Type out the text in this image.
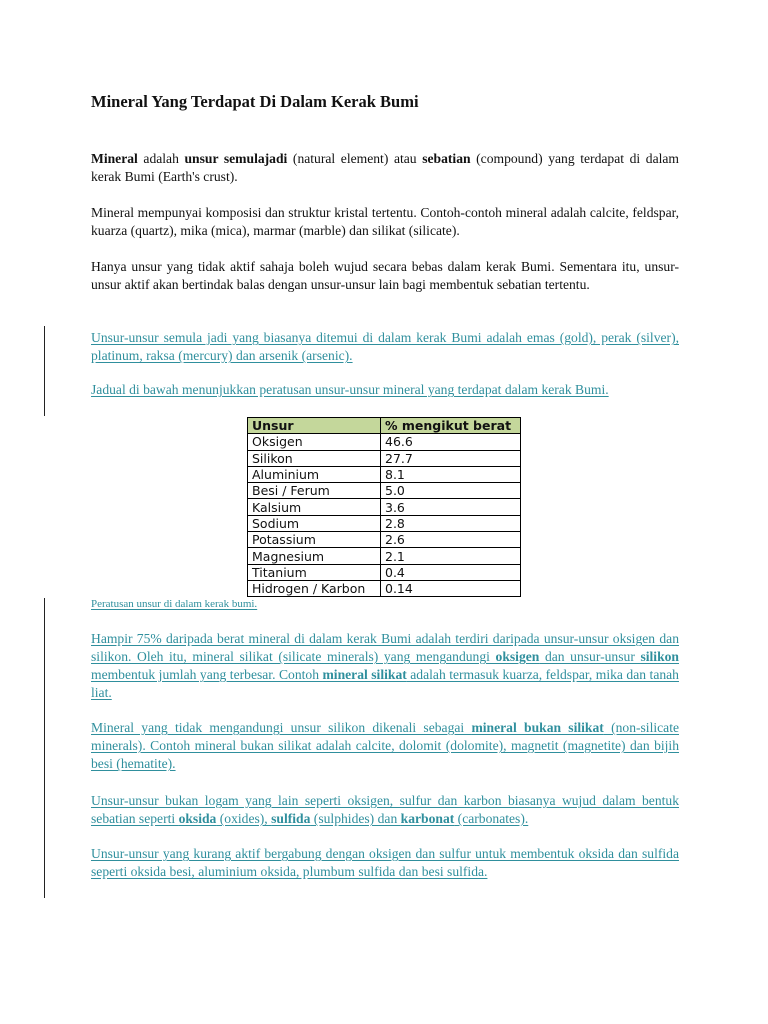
Mineral Yang Terdapat Di Dalam Kerak Bumi

Mineral adalah unsur semulajadi (natural element) atau sebatian (compound) yang terdapat di dalam kerak Bumi (Earth's crust).

Mineral mempunyai komposisi dan struktur kristal tertentu. Contoh-contoh mineral adalah calcite, feldspar, kuarza (quartz), mika (mica), marmar (marble) dan silikat (silicate).

Hanya unsur yang tidak aktif sahaja boleh wujud secara bebas dalam kerak Bumi. Sementara itu, unsur-unsur aktif akan bertindak balas dengan unsur-unsur lain bagi membentuk sebatian tertentu.

Unsur-unsur semula jadi yang biasanya ditemui di dalam kerak Bumi adalah emas (gold), perak (silver), platinum, raksa (mercury) dan arsenik (arsenic).

Jadual di bawah menunjukkan peratusan unsur-unsur mineral yang terdapat dalam kerak Bumi.

Unsur	% mengikut berat
Oksigen	46.6
Silikon	27.7
Aluminium	8.1
Besi / Ferum	5.0
Kalsium	3.6
Sodium	2.8
Potassium	2.6
Magnesium	2.1
Titanium	0.4
Hidrogen / Karbon	0.14

Peratusan unsur di dalam kerak bumi.

Hampir 75% daripada berat mineral di dalam kerak Bumi adalah terdiri daripada unsur-unsur oksigen dan silikon. Oleh itu, mineral silikat (silicate minerals) yang mengandungi oksigen dan unsur-unsur silikon membentuk jumlah yang terbesar. Contoh mineral silikat adalah termasuk kuarza, feldspar, mika dan tanah liat.

Mineral yang tidak mengandungi unsur silikon dikenali sebagai mineral bukan silikat (non-silicate minerals). Contoh mineral bukan silikat adalah calcite, dolomit (dolomite), magnetit (magnetite) dan bijih besi (hematite).

Unsur-unsur bukan logam yang lain seperti oksigen, sulfur dan karbon biasanya wujud dalam bentuk sebatian seperti oksida (oxides), sulfida (sulphides) dan karbonat (carbonates).

Unsur-unsur yang kurang aktif bergabung dengan oksigen dan sulfur untuk membentuk oksida dan sulfida seperti oksida besi, aluminium oksida, plumbum sulfida dan besi sulfida.
